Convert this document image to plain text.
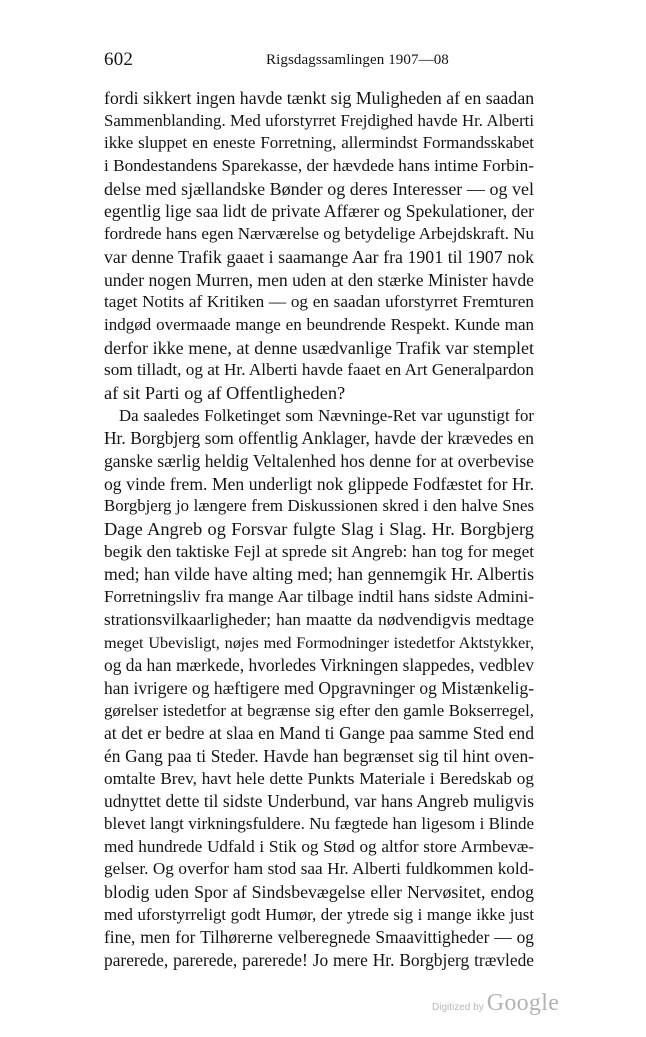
602	Rigsdagssamlingen 1907—08
fordi sikkert ingen havde tænkt sig Muligheden af en saadan
Sammenblanding. Med uforstyrret Frejdighed havde Hr. Alberti
ikke sluppet en eneste Forretning, allermindst Formandsskabet
i Bondestandens Sparekasse, der hævdede hans intime Forbin-
delse med sjællandske Bønder og deres Interesser — og vel
egentlig lige saa lidt de private Affærer og Spekulationer, der
fordrede hans egen Nærværelse og betydelige Arbejdskraft. Nu
var denne Trafik gaaet i saamange Aar fra 1901 til 1907 nok
under nogen Murren, men uden at den stærke Minister havde
taget Notits af Kritiken — og en saadan uforstyrret Fremturen
indgød overmaade mange en beundrende Respekt. Kunde man
derfor ikke mene, at denne usædvanlige Trafik var stemplet
som tilladt, og at Hr. Alberti havde faaet en Art Generalpardon
af sit Parti og af Offentligheden?
Da saaledes Folketinget som Nævninge-Ret var ugunstigt for
Hr. Borgbjerg som offentlig Anklager, havde der krævedes en
ganske særlig heldig Veltalenhed hos denne for at overbevise
og vinde frem. Men underligt nok glippede Fodfæstet for Hr.
Borgbjerg jo længere frem Diskussionen skred i den halve Snes
Dage Angreb og Forsvar fulgte Slag i Slag. Hr. Borgbjerg
begik den taktiske Fejl at sprede sit Angreb: han tog for meget
med; han vilde have alting med; han gennemgik Hr. Albertis
Forretningsliv fra mange Aar tilbage indtil hans sidste Admini-
strationsvilkaarligheder; han maatte da nødvendigvis medtage
meget Ubevisligt, nøjes med Formodninger istedetfor Aktstykker,
og da han mærkede, hvorledes Virkningen slappedes, vedblev
han ivrigere og hæftigere med Opgravninger og Mistænkelig-
gørelser istedetfor at begrænse sig efter den gamle Bokserregel,
at det er bedre at slaa en Mand ti Gange paa samme Sted end
én Gang paa ti Steder. Havde han begrænset sig til hint oven-
omtalte Brev, havt hele dette Punkts Materiale i Beredskab og
udnyttet dette til sidste Underbund, var hans Angreb muligvis
blevet langt virkningsfuldere. Nu fægtede han ligesom i Blinde
med hundrede Udfald i Stik og Stød og altfor store Armbevæ-
gelser. Og overfor ham stod saa Hr. Alberti fuldkommen kold-
blodig uden Spor af Sindsbevægelse eller Nervøsitet, endog
med uforstyrreligt godt Humør, der ytrede sig i mange ikke just
fine, men for Tilhørerne velberegnede Smaavittigheder — og
parerede, parerede, parerede! Jo mere Hr. Borgbjerg trævlede
Digitized by Google
